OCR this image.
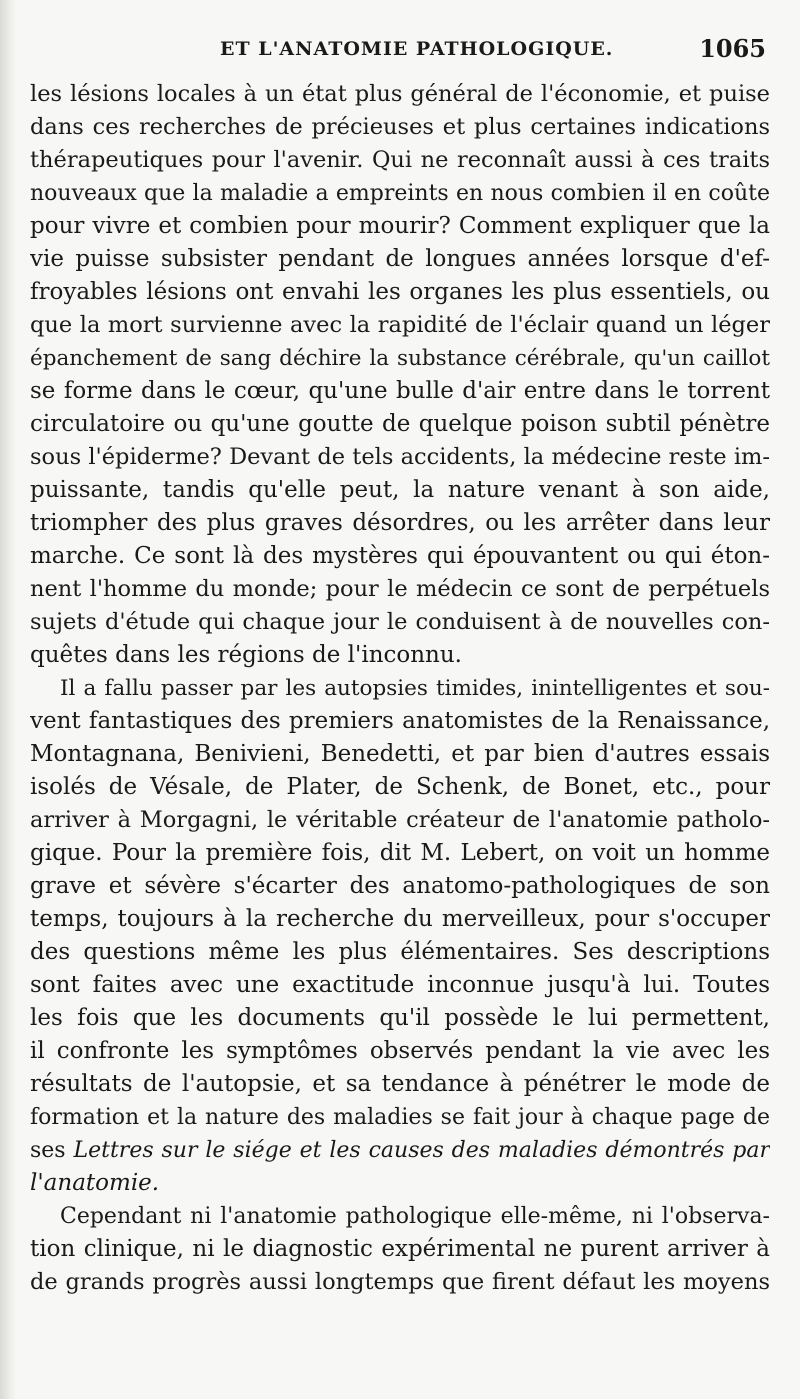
ET L'ANATOMIE PATHOLOGIQUE.	1065
les lésions locales à un état plus général de l'économie, et puise
dans ces recherches de précieuses et plus certaines indications
thérapeutiques pour l'avenir. Qui ne reconnaît aussi à ces traits
nouveaux que la maladie a empreints en nous combien il en coûte
pour vivre et combien pour mourir? Comment expliquer que la
vie puisse subsister pendant de longues années lorsque d'ef-
froyables lésions ont envahi les organes les plus essentiels, ou
que la mort survienne avec la rapidité de l'éclair quand un léger
épanchement de sang déchire la substance cérébrale, qu'un caillot
se forme dans le cœur, qu'une bulle d'air entre dans le torrent
circulatoire ou qu'une goutte de quelque poison subtil pénètre
sous l'épiderme? Devant de tels accidents, la médecine reste im-
puissante, tandis qu'elle peut, la nature venant à son aide,
triompher des plus graves désordres, ou les arrêter dans leur
marche. Ce sont là des mystères qui épouvantent ou qui éton-
nent l'homme du monde; pour le médecin ce sont de perpétuels
sujets d'étude qui chaque jour le conduisent à de nouvelles con-
quêtes dans les régions de l'inconnu.
Il a fallu passer par les autopsies timides, inintelligentes et sou-
vent fantastiques des premiers anatomistes de la Renaissance,
Montagnana, Benivieni, Benedetti, et par bien d'autres essais
isolés de Vésale, de Plater, de Schenk, de Bonet, etc., pour
arriver à Morgagni, le véritable créateur de l'anatomie patholo-
gique. Pour la première fois, dit M. Lebert, on voit un homme
grave et sévère s'écarter des anatomo-pathologiques de son
temps, toujours à la recherche du merveilleux, pour s'occuper
des questions même les plus élémentaires. Ses descriptions
sont faites avec une exactitude inconnue jusqu'à lui. Toutes
les fois que les documents qu'il possède le lui permettent,
il confronte les symptômes observés pendant la vie avec les
résultats de l'autopsie, et sa tendance à pénétrer le mode de
formation et la nature des maladies se fait jour à chaque page de
ses Lettres sur le siége et les causes des maladies démontrés par
l'anatomie.
Cependant ni l'anatomie pathologique elle-même, ni l'observa-
tion clinique, ni le diagnostic expérimental ne purent arriver à
de grands progrès aussi longtemps que firent défaut les moyens
